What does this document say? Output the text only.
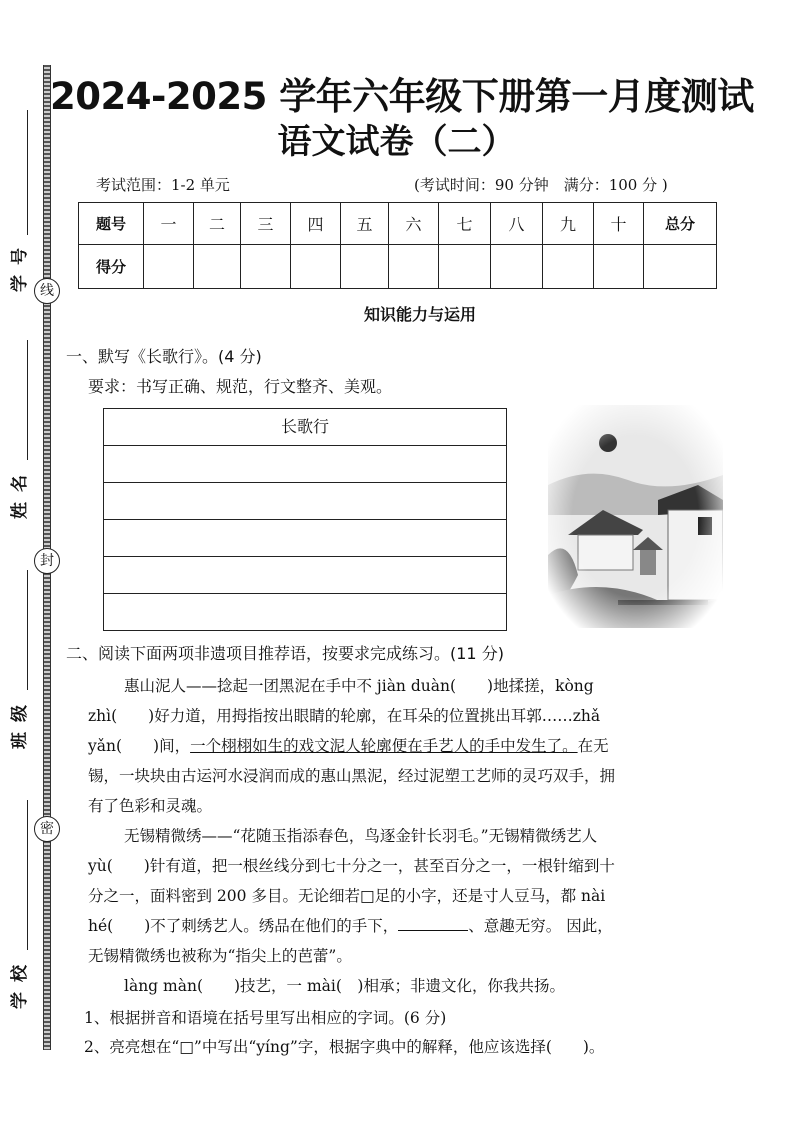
学号
姓名
班级
学校
线
封
密
2024-2025 学年六年级下册第一月度测试
语文试卷（二）
考试范围：1-2 单元	(考试时间：90 分钟　满分：100 分 )
题号	一	二	三	四	五	六	七	八	九	十	总分
得分											
知识能力与运用
一、默写《长歌行》。(4 分)
要求：书写正确、规范，行文整齐、美观。
长歌行
二、阅读下面两项非遗项目推荐语，按要求完成练习。(11 分)
惠山泥人——捻起一团黑泥在手中不 jiàn duàn(　　)地揉搓，kòng
zhì(　　)好力道，用拇指按出眼睛的轮廓，在耳朵的位置挑出耳郭……zhǎ
yǎn(　　)间，一个栩栩如生的戏文泥人轮廓便在手艺人的手中发生了。在无
锡，一块块由古运河水浸润而成的惠山黑泥，经过泥塑工艺师的灵巧双手，拥
有了色彩和灵魂。
无锡精微绣——“花随玉指添春色，鸟逐金针长羽毛。”无锡精微绣艺人
yù(　　)针有道，把一根丝线分到七十分之一，甚至百分之一，一根针缩到十
分之一，面料密到 200 多目。无论细若□足的小字，还是寸人豆马，都 nài
hé(　　)不了刺绣艺人。绣品在他们的手下，	、意趣无穷。 因此，
无锡精微绣也被称为“指尖上的芭蕾”。
làng màn(　　)技艺，一 mài(　)相承；非遗文化，你我共扬。
1、根据拼音和语境在括号里写出相应的字词。(6 分)
2、亮亮想在“□”中写出“yíng”字，根据字典中的解释，他应该选择(　　)。
